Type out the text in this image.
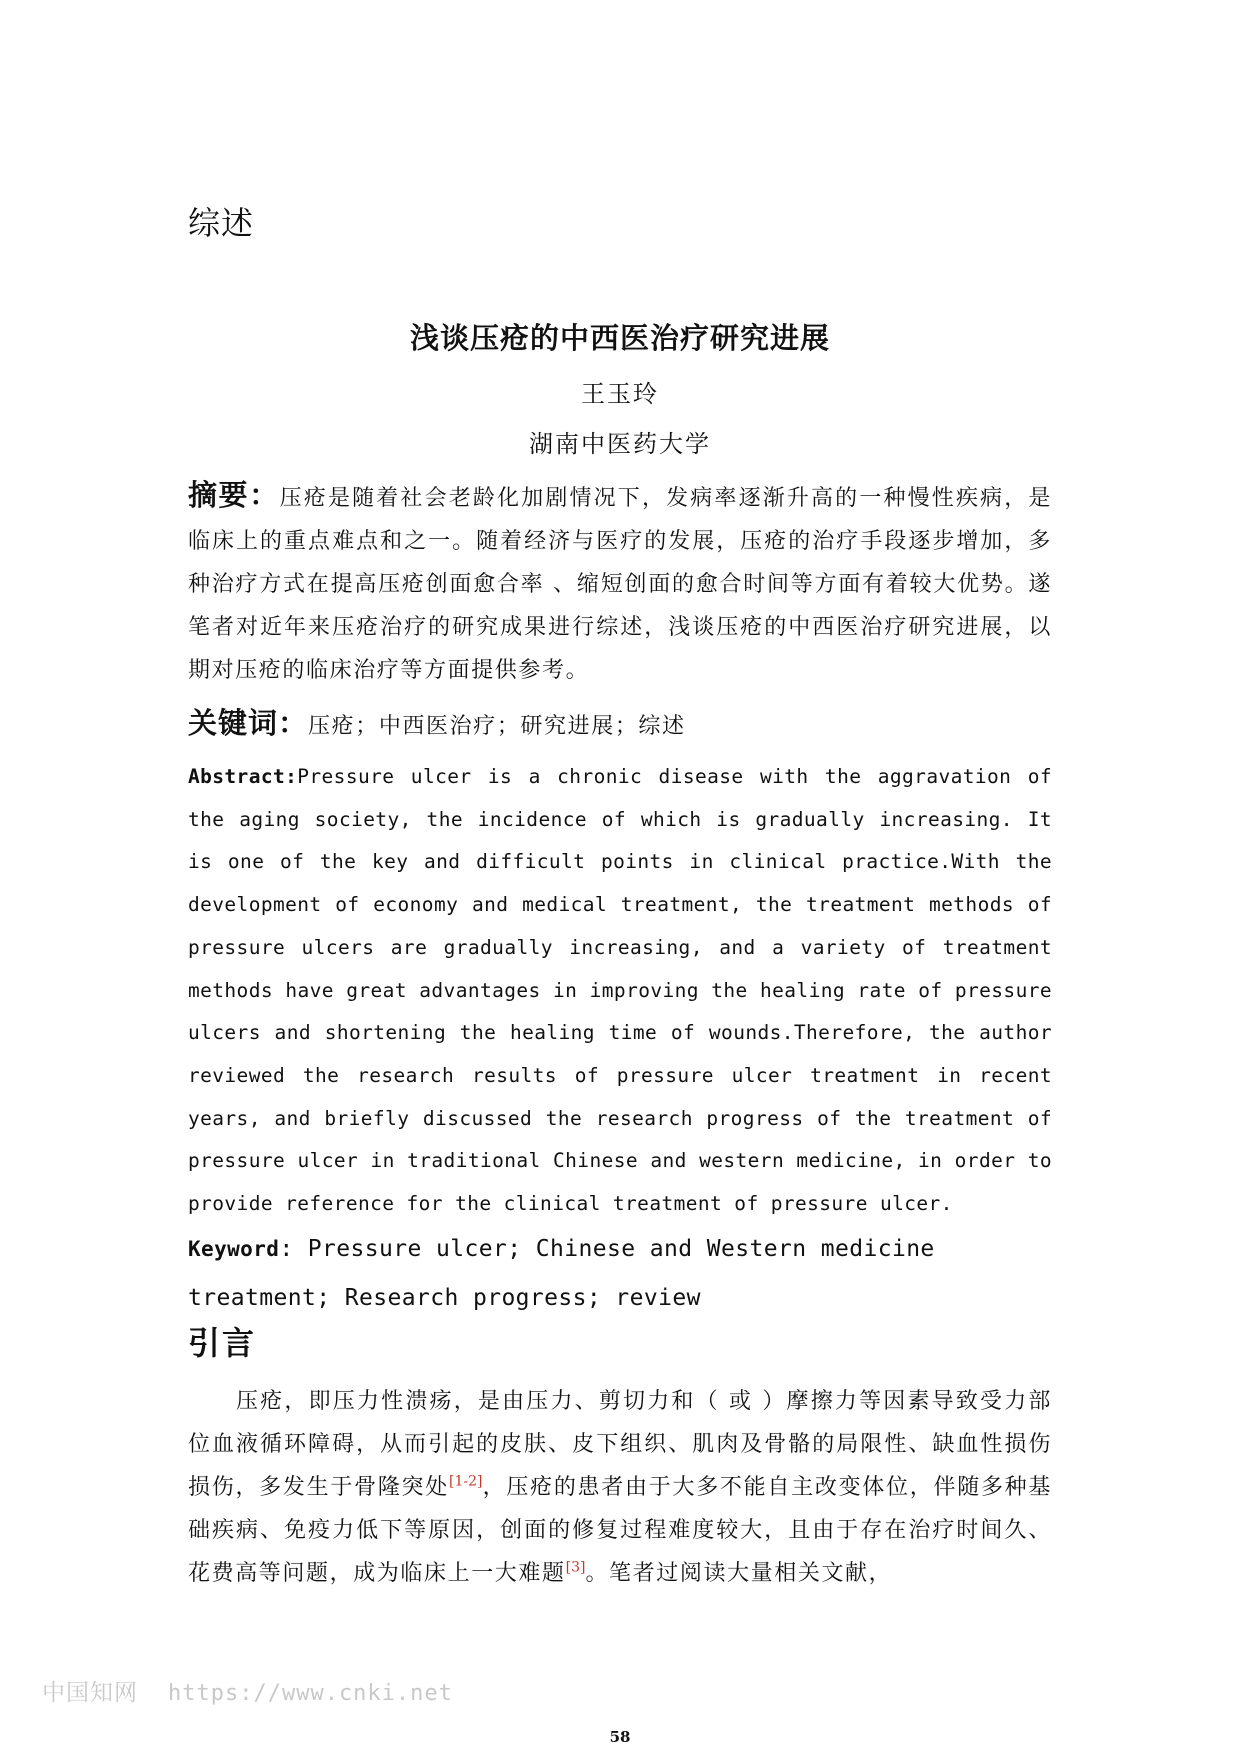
综述
浅谈压疮的中西医治疗研究进展
王玉玲
湖南中医药大学
摘要：压疮是随着社会老龄化加剧情况下，发病率逐渐升高的一种慢性疾病，是临床上的重点难点和之一。随着经济与医疗的发展，压疮的治疗手段逐步增加，多种治疗方式在提高压疮创面愈合率 、缩短创面的愈合时间等方面有着较大优势。遂笔者对近年来压疮治疗的研究成果进行综述，浅谈压疮的中西医治疗研究进展，以期对压疮的临床治疗等方面提供参考。
关键词：压疮；中西医治疗；研究进展；综述
Abstract:Pressure ulcer is a chronic disease with the aggravation of the aging society, the incidence of which is gradually increasing. It is one of the key and difficult points in clinical practice.With the development of economy and medical treatment, the treatment methods of pressure ulcers are gradually increasing, and a variety of treatment methods have great advantages in improving the healing rate of pressure ulcers and shortening the healing time of wounds.Therefore, the author reviewed the research results of pressure ulcer treatment in recent years, and briefly discussed the research progress of the treatment of pressure ulcer in traditional Chinese and western medicine, in order to provide reference for the clinical treatment of pressure ulcer.
Keyword: Pressure ulcer; Chinese and Western medicine treatment; Research progress; review
引言
压疮，即压力性溃疡，是由压力、剪切力和（ 或 ）摩擦力等因素导致受力部位血液循环障碍，从而引起的皮肤、皮下组织、肌肉及骨骼的局限性、缺血性损伤损伤，多发生于骨隆突处[1-2]，压疮的患者由于大多不能自主改变体位，伴随多种基础疾病、免疫力低下等原因，创面的修复过程难度较大，且由于存在治疗时间久、花费高等问题，成为临床上一大难题[3]。笔者过阅读大量相关文献，
中国知网 https://www.cnki.net
58
